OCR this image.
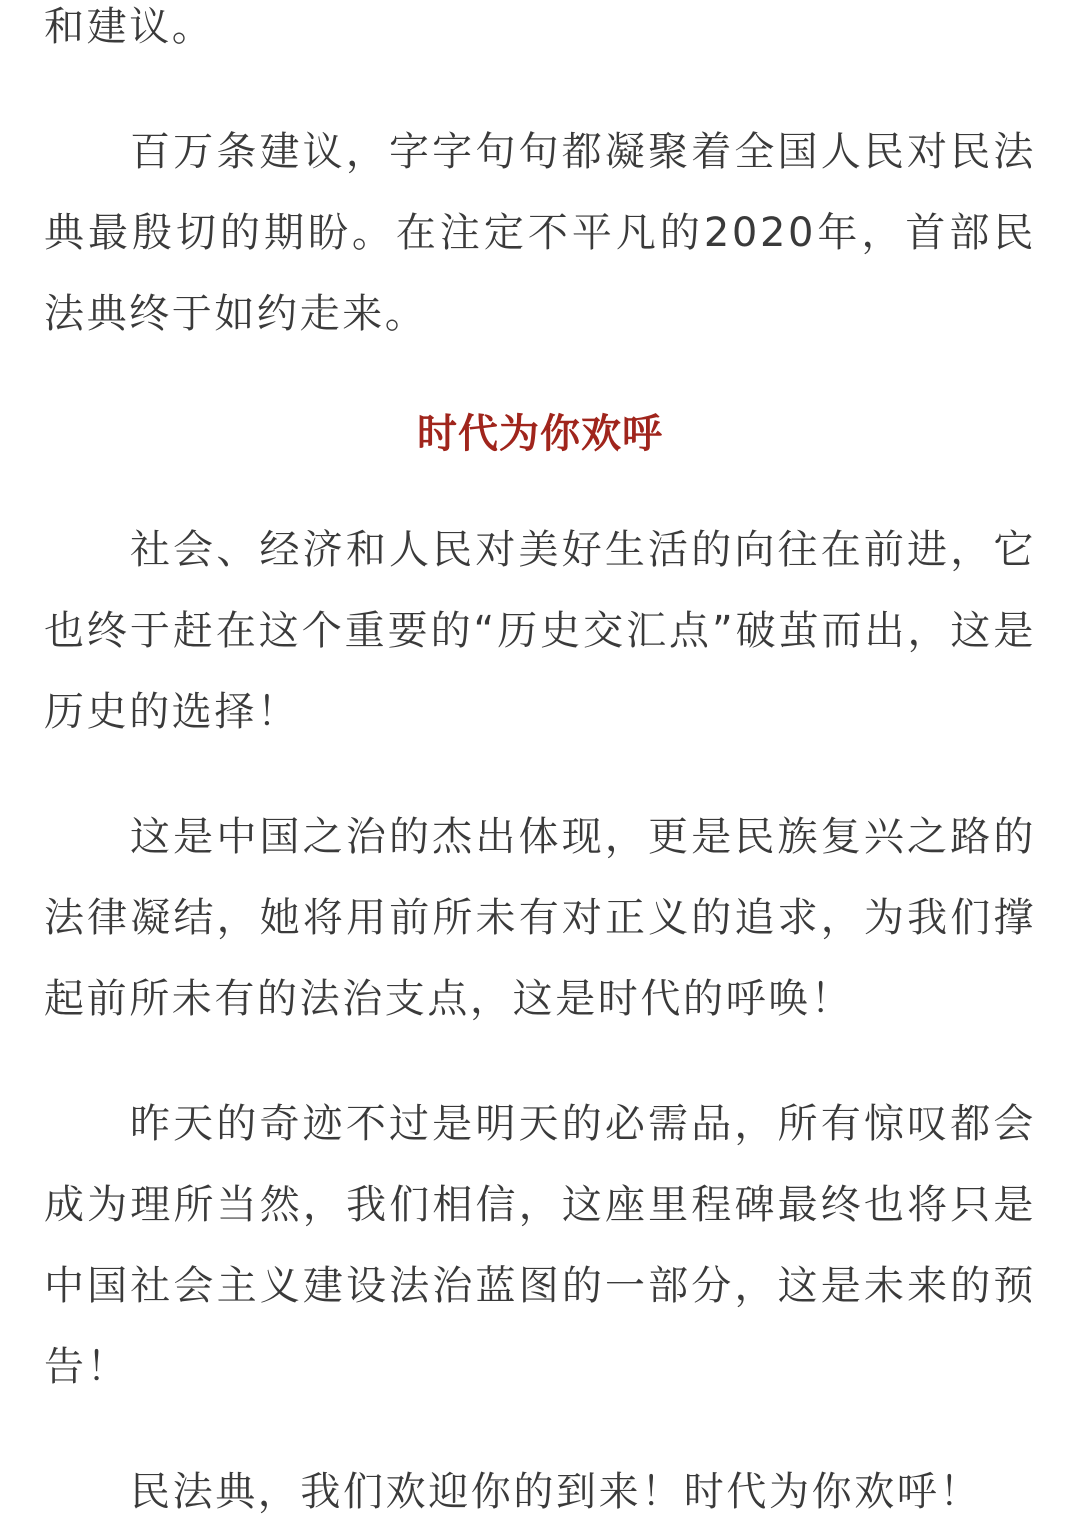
和建议。

百万条建议，字字句句都凝聚着全国人民对民法典最殷切的期盼。在注定不平凡的2020年，首部民法典终于如约走来。

时代为你欢呼

社会、经济和人民对美好生活的向往在前进，它也终于赶在这个重要的“历史交汇点”破茧而出，这是历史的选择！

这是中国之治的杰出体现，更是民族复兴之路的法律凝结，她将用前所未有对正义的追求，为我们撑起前所未有的法治支点，这是时代的呼唤！

昨天的奇迹不过是明天的必需品，所有惊叹都会成为理所当然，我们相信，这座里程碑最终也将只是中国社会主义建设法治蓝图的一部分，这是未来的预告！

民法典，我们欢迎你的到来！时代为你欢呼！
